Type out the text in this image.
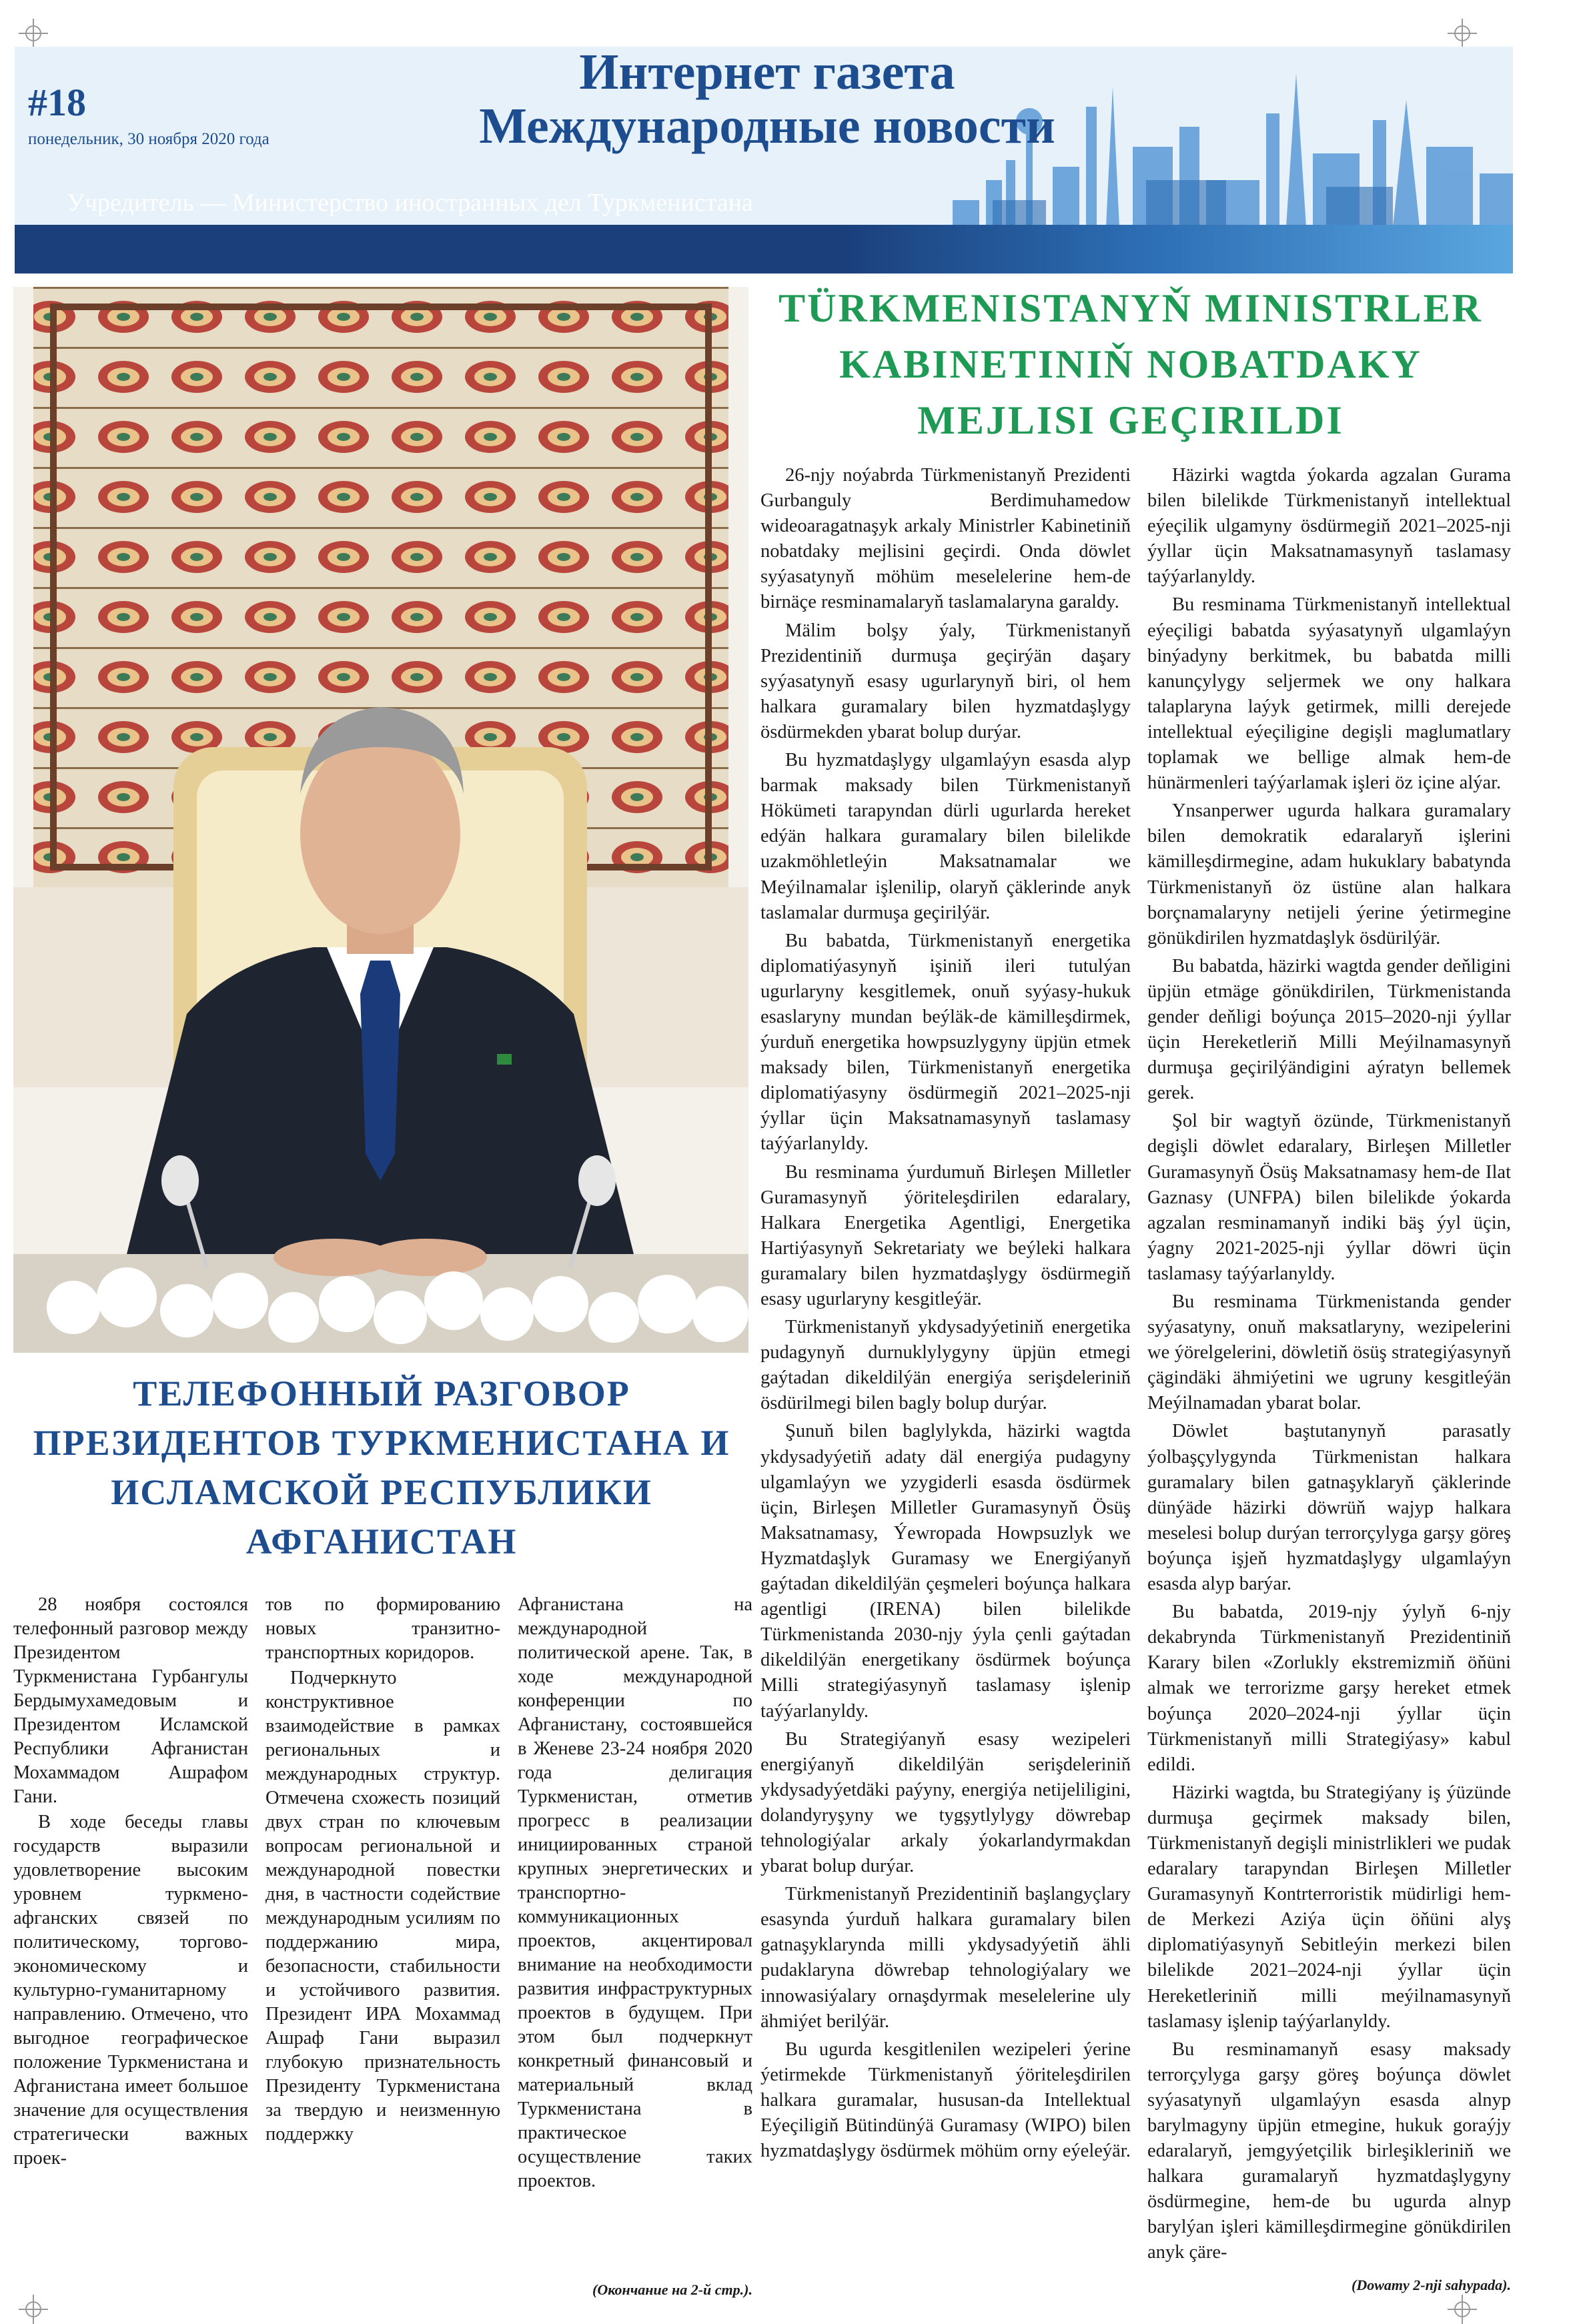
#18
понедельник, 30 ноября 2020 года
Интернет газета
Международные новости
Учредитель — Министерство иностранных дел Туркменистана
TÜRKMENISTANYŇ MINISTRLER KABINETINIŇ NOBATDAKY MEJLISI GEÇIRILDI

26-njy noýabrda Türkmenistanyň Prezidenti Gurbanguly Berdimuhamedow wideoaragatnaşyk arkaly Ministrler Kabinetiniň nobatdaky mejlisini geçirdi. Onda döwlet syýasatynyň möhüm meselelerine hem-de birnäçe resminamalaryň taslamalaryna garaldy.

Mälim bolşy ýaly, Türkmenistanyň Prezidentiniň durmuşa geçirýän daşary syýasatynyň esasy ugurlarynyň biri, ol hem halkara guramalary bilen hyzmatdaşlygy ösdürmekden ybarat bolup durýar.

Bu hyzmatdaşlygy ulgamlaýyn esasda alyp barmak maksady bilen Türkmenistanyň Hökümeti tarapyndan dürli ugurlarda hereket edýän halkara guramalary bilen bilelikde uzakmöhletleýin Maksatnamalar we Meýilnamalar işlenilip, olaryň çäklerinde anyk taslamalar durmuşa geçirilýär.

Bu babatda, Türkmenistanyň energetika diplomatiýasynyň işiniň ileri tutulýan ugurlaryny kesgitlemek, onuň syýasy-hukuk esaslaryny mundan beýläk-de kämilleşdirmek, ýurduň energetika howpsuzlygyny üpjün etmek maksady bilen, Türkmenistanyň energetika diplomatiýasyny ösdürmegiň 2021–2025-nji ýyllar üçin Maksatnamasynyň taslamasy taýýarlanyldy.

Bu resminama ýurdumuň Birleşen Milletler Guramasynyň ýöriteleşdirilen edaralary, Halkara Energetika Agentligi, Energetika Hartiýasynyň Sekretariaty we beýleki halkara guramalary bilen hyzmatdaşlygy ösdürmegiň esasy ugurlaryny kesgitleýär.

Türkmenistanyň ykdysadyýetiniň energetika pudagynyň durnuklylygyny üpjün etmegi gaýtadan dikeldilýän energiýa serişdeleriniň ösdürilmegi bilen bagly bolup durýar.

Şunuň bilen baglylykda, häzirki wagtda ykdysadyýetiň adaty däl energiýa pudagyny ulgamlaýyn we yzygiderli esasda ösdürmek üçin, Birleşen Milletler Guramasynyň Ösüş Maksatnamasy, Ýewropada Howpsuzlyk we Hyzmatdaşlyk Guramasy we Energiýanyň gaýtadan dikeldilýän çeşmeleri boýunça halkara agentligi (IRENA) bilen bilelikde Türkmenistanda 2030-njy ýyla çenli gaýtadan dikeldilýän energetikany ösdürmek boýunça Milli strategiýasynyň taslamasy işlenip taýýarlanyldy.

Bu Strategiýanyň esasy wezipeleri energiýanyň dikeldilýän serişdeleriniň ykdysadyýetdäki paýyny, energiýa netijeliligini, dolandyryşyny we tygşytlylygy döwrebap tehnologiýalar arkaly ýokarlandyrmakdan ybarat bolup durýar.

Türkmenistanyň Prezidentiniň başlangyçlary esasynda ýurduň halkara guramalary bilen gatnaşyklarynda milli ykdysadyýetiň ähli pudaklaryna döwrebap tehnologiýalary we innowasiýalary ornaşdyrmak meselelerine uly ähmiýet berilýär.

Bu ugurda kesgitlenilen wezipeleri ýerine ýetirmekde Türkmenistanyň ýöriteleşdirilen halkara guramalar, hususan-da Intellektual Eýeçiligiň Bütindünýä Guramasy (WIPO) bilen hyzmatdaşlygy ösdürmek möhüm orny eýeleýär.

Häzirki wagtda ýokarda agzalan Gurama bilen bilelikde Türkmenistanyň intellektual eýeçilik ulgamyny ösdürmegiň 2021–2025-nji ýyllar üçin Maksatnamasynyň taslamasy taýýarlanyldy.

Bu resminama Türkmenistanyň intellektual eýeçiligi babatda syýasatynyň ulgamlaýyn binýadyny berkitmek, bu babatda milli kanunçylygy seljermek we ony halkara talaplaryna laýyk getirmek, milli derejede intellektual eýeçiligine degişli maglumatlary toplamak we bellige almak hem-de hünärmenleri taýýarlamak işleri öz içine alýar.

Ynsanperwer ugurda halkara guramalary bilen demokratik edaralaryň işlerini kämilleşdirmegine, adam hukuklary babatynda Türkmenistanyň öz üstüne alan halkara borçnamalaryny netijeli ýerine ýetirmegine gönükdirilen hyzmatdaşlyk ösdürilýär.

Bu babatda, häzirki wagtda gender deňligini üpjün etmäge gönükdirilen, Türkmenistanda gender deňligi boýunça 2015–2020-nji ýyllar üçin Hereketleriň Milli Meýilnamasynyň durmuşa geçirilýändigini aýratyn bellemek gerek.

Şol bir wagtyň özünde, Türkmenistanyň degişli döwlet edaralary, Birleşen Milletler Guramasynyň Ösüş Maksatnamasy hem-de Ilat Gaznasy (UNFPA) bilen bilelikde ýokarda agzalan resminamanyň indiki bäş ýyl üçin, ýagny 2021-2025-nji ýyllar döwri üçin taslamasy taýýarlanyldy.

Bu resminama Türkmenistanda gender syýasatyny, onuň maksatlaryny, wezipelerini we ýörelgelerini, döwletiň ösüş strategiýasynyň çägindäki ähmiýetini we ugruny kesgitleýän Meýilnamadan ybarat bolar.

Döwlet baştutanynyň parasatly ýolbaşçylygynda Türkmenistan halkara guramalary bilen gatnaşyklaryň çäklerinde dünýäde häzirki döwrüň wajyp halkara meselesi bolup durýan terrorçylyga garşy göreş boýunça işjeň hyzmatdaşlygy ulgamlaýyn esasda alyp barýar.

Bu babatda, 2019-njy ýylyň 6-njy dekabrynda Türkmenistanyň Prezidentiniň Karary bilen «Zorlukly ekstremizmiň öňüni almak we terrorizme garşy hereket etmek boýunça 2020–2024-nji ýyllar üçin Türkmenistanyň milli Strategiýasy» kabul edildi.

Häzirki wagtda, bu Strategiýany iş ýüzünde durmuşa geçirmek maksady bilen, Türkmenistanyň degişli ministrlikleri we pudak edaralary tarapyndan Birleşen Milletler Guramasynyň Kontrterroristik müdirligi hem-de Merkezi Aziýa üçin öňüni alyş diplomatiýasynyň Sebitleýin merkezi bilen bilelikde 2021–2024-nji ýyllar üçin Hereketleriniň milli meýilnamasynyň taslamasy işlenip taýýarlanyldy.

Bu resminamanyň esasy maksady terrorçylyga garşy göreş boýunça döwlet syýasatynyň ulgamlaýyn esasda alnyp barylmagyny üpjün etmegine, hukuk goraýjy edaralaryň, jemgyýetçilik birleşikleriniň we halkara guramalaryň hyzmatdaşlygyny ösdürmegine, hem-de bu ugurda alnyp barylýan işleri kämilleşdirmegine gönükdirilen anyk çäre-

(Dowamy 2-nji sahypada).
ТЕЛЕФОННЫЙ РАЗГОВОР ПРЕЗИДЕНТОВ ТУРКМЕНИСТАНА И ИСЛАМСКОЙ РЕСПУБЛИКИ АФГАНИСТАН

28 ноября состоялся телефонный разговор между Президентом Туркменистана Гурбангулы Бердымухамедовым и Президентом Исламской Республики Афганистан Мохаммадом Ашрафом Гани.

В ходе беседы главы государств выразили удовлетворение высоким уровнем туркмено-афганских связей по политическому, торгово-экономическому и культурно-гуманитарному направлению. Отмечено, что выгодное географическое положение Туркменистана и Афганистана имеет большое значение для осуществления стратегически важных проек-

тов по формированию новых транзитно-транспортных коридоров.

Подчеркнуто конструктивное взаимодействие в рамках региональных и международных структур. Отмечена схожесть позиций двух стран по ключевым вопросам региональной и международной повестки дня, в частности содействие международным усилиям по поддержанию мира, безопасности, стабильности и устойчивого развития. Президент ИРА Мохаммад Ашраф Гани выразил глубокую признательность Президенту Туркменистана за твердую и неизменную поддержку

Афганистана на международной политической арене. Так, в ходе международной конференции по Афганистану, состоявшейся в Женеве 23-24 ноября 2020 года делигация Туркменистан, отметив прогресс в реализации инициированных страной крупных энергетических и транспортно-коммуникационных проектов, акцентировал внимание на необходимости развития инфраструктурных проектов в будущем. При этом был подчеркнут конкретный финансовый и материальный вклад Туркменистана в практическое осуществление таких проектов.

(Окончание на 2-й стр.).
